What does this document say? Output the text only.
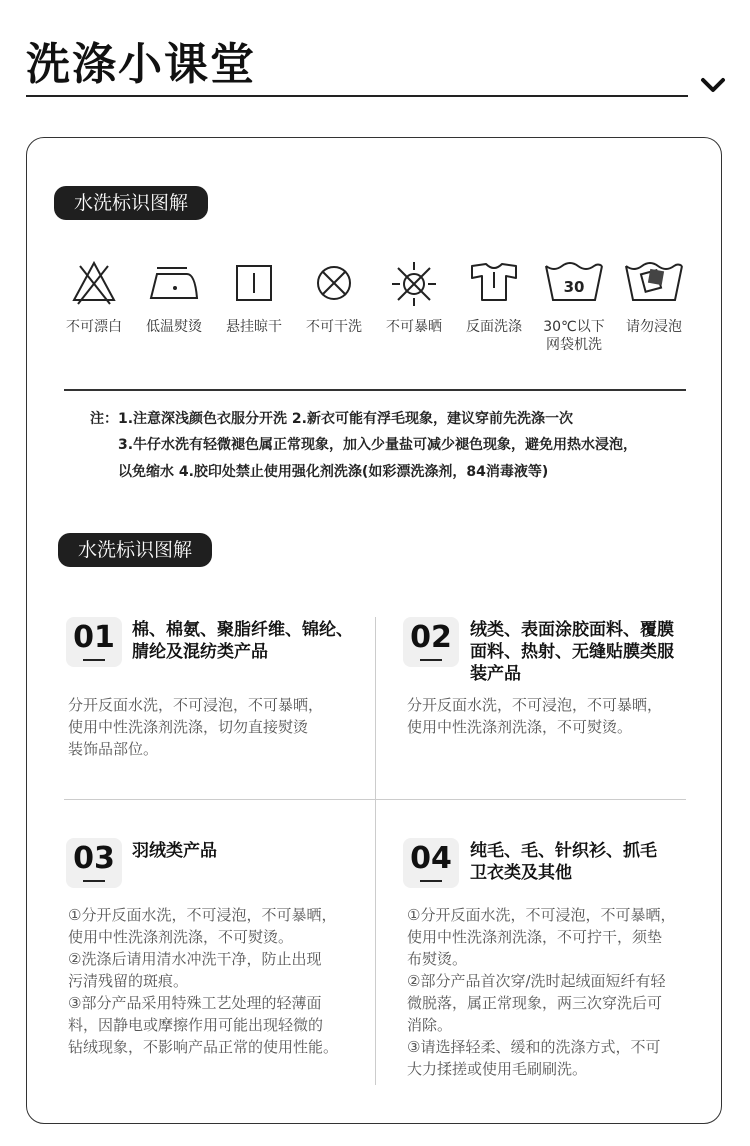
洗涤小课堂
水洗标识图解
不可漂白	低温熨烫	悬挂晾干	不可干洗	不可暴晒	反面洗涤
30
30℃以下
网袋机洗
请勿浸泡
注：1.注意深浅颜色衣服分开洗 2.新衣可能有浮毛现象，建议穿前先洗涤一次
3.牛仔水洗有轻微褪色属正常现象，加入少量盐可减少褪色现象，避免用热水浸泡，
以免缩水 4.胶印处禁止使用强化剂洗涤(如彩漂洗涤剂，84消毒液等)
水洗标识图解
01	棉、棉氨、聚脂纤维、锦纶、
腈纶及混纺类产品
分开反面水洗，不可浸泡，不可暴晒，
使用中性洗涤剂洗涤，切勿直接熨烫
装饰品部位。
02	绒类、表面涂胶面料、覆膜
面料、热射、无缝贴膜类服
装产品
分开反面水洗，不可浸泡，不可暴晒，
使用中性洗涤剂洗涤，不可熨烫。
03	羽绒类产品
①分开反面水洗，不可浸泡，不可暴晒，
使用中性洗涤剂洗涤，不可熨烫。
②洗涤后请用清水冲洗干净，防止出现
污清残留的斑痕。
③部分产品采用特殊工艺处理的轻薄面
料，因静电或摩擦作用可能出现轻微的
钻绒现象，不影响产品正常的使用性能。
04	纯毛、毛、针织衫、抓毛
卫衣类及其他
①分开反面水洗，不可浸泡，不可暴晒，
使用中性洗涤剂洗涤，不可拧干，须垫
布熨烫。
②部分产品首次穿/洗时起绒面短纤有轻
微脱落，属正常现象，两三次穿洗后可
消除。
③请选择轻柔、缓和的洗涤方式，不可
大力揉搓或使用毛刷刷洗。
